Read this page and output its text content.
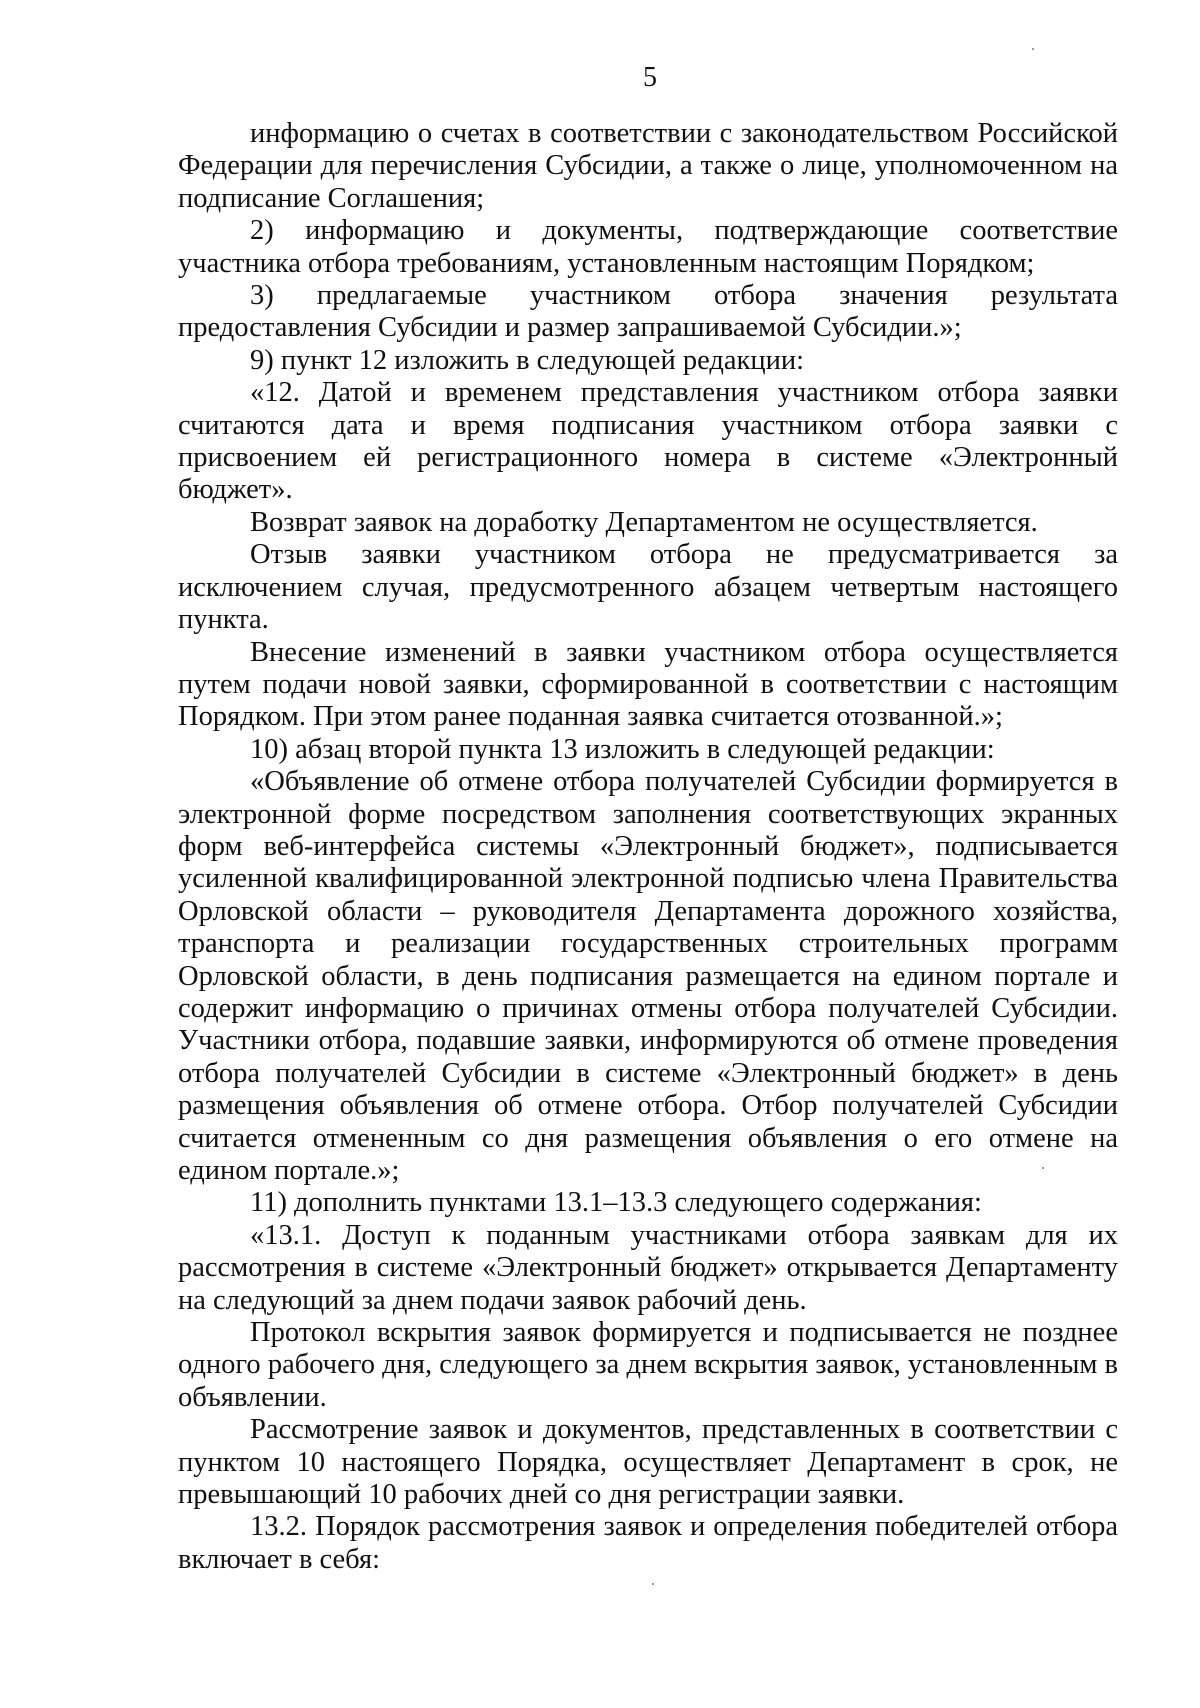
5

информацию о счетах в соответствии с законодательством Российской Федерации для перечисления Субсидии, а также о лице, уполномоченном на подписание Соглашения;

2) информацию и документы, подтверждающие соответствие участника отбора требованиям, установленным настоящим Порядком;

3) предлагаемые участником отбора значения результата предоставления Субсидии и размер запрашиваемой Субсидии.»;

9) пункт 12 изложить в следующей редакции:

«12. Датой и временем представления участником отбора заявки считаются дата и время подписания участником отбора заявки с присвоением ей регистрационного номера в системе «Электронный бюджет».

Возврат заявок на доработку Департаментом не осуществляется.

Отзыв заявки участником отбора не предусматривается за исключением случая, предусмотренного абзацем четвертым настоящего пункта.

Внесение изменений в заявки участником отбора осуществляется путем подачи новой заявки, сформированной в соответствии с настоящим Порядком. При этом ранее поданная заявка считается отозванной.»;

10) абзац второй пункта 13 изложить в следующей редакции:

«Объявление об отмене отбора получателей Субсидии формируется в электронной форме посредством заполнения соответствующих экранных форм веб-интерфейса системы «Электронный бюджет», подписывается усиленной квалифицированной электронной подписью члена Правительства Орловской области – руководителя Департамента дорожного хозяйства, транспорта и реализации государственных строительных программ Орловской области, в день подписания размещается на едином портале и содержит информацию о причинах отмены отбора получателей Субсидии. Участники отбора, подавшие заявки, информируются об отмене проведения отбора получателей Субсидии в системе «Электронный бюджет» в день размещения объявления об отмене отбора. Отбор получателей Субсидии считается отмененным со дня размещения объявления о его отмене на едином портале.»;

11) дополнить пунктами 13.1–13.3 следующего содержания:

«13.1. Доступ к поданным участниками отбора заявкам для их рассмотрения в системе «Электронный бюджет» открывается Департаменту на следующий за днем подачи заявок рабочий день.

Протокол вскрытия заявок формируется и подписывается не позднее одного рабочего дня, следующего за днем вскрытия заявок, установленным в объявлении.

Рассмотрение заявок и документов, представленных в соответствии с пунктом 10 настоящего Порядка, осуществляет Департамент в срок, не превышающий 10 рабочих дней со дня регистрации заявки.

13.2. Порядок рассмотрения заявок и определения победителей отбора включает в себя:
